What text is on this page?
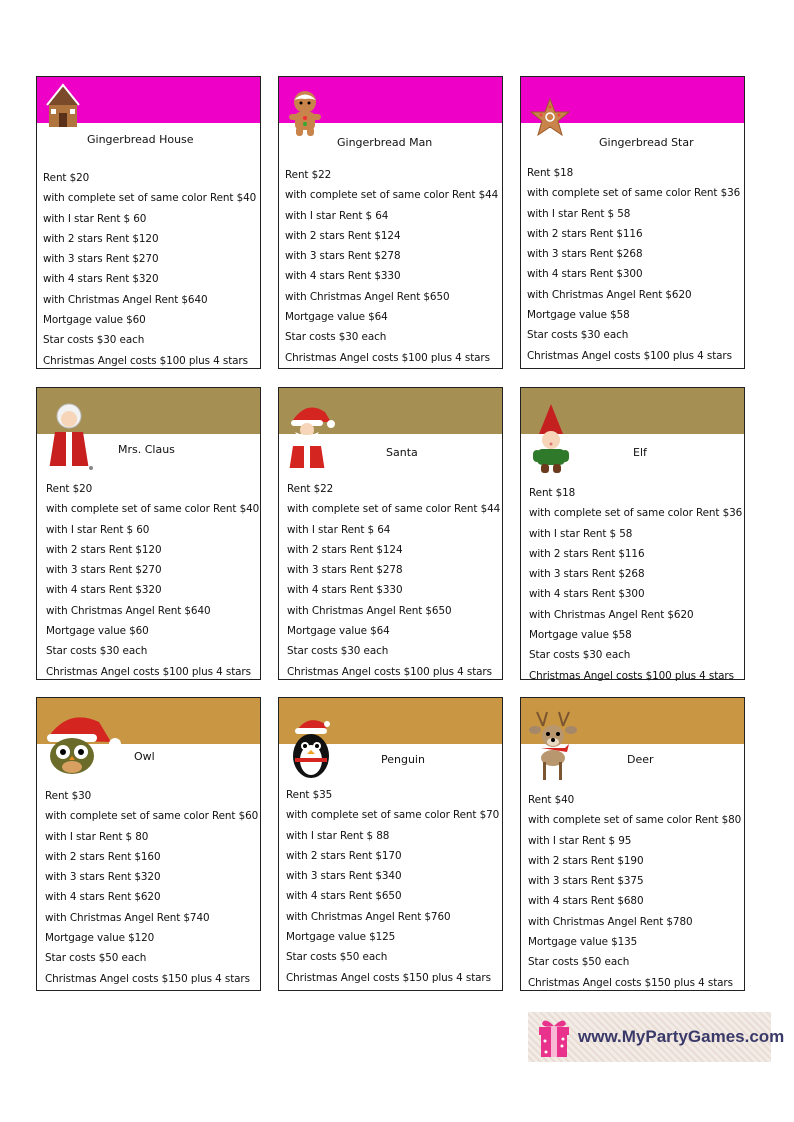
Gingerbread House
Rent $20
with complete set of same color Rent $40
with I star Rent $ 60
with 2 stars Rent $120
with 3 stars Rent $270
with 4 stars Rent $320
with Christmas Angel Rent $640
Mortgage value $60
Star costs $30 each
Christmas Angel costs $100 plus 4 stars
Gingerbread Man
Rent $22
with complete set of same color Rent $44
with I star Rent $ 64
with 2 stars Rent $124
with 3 stars Rent $278
with 4 stars Rent $330
with Christmas Angel Rent $650
Mortgage value $64
Star costs $30 each
Christmas Angel costs $100 plus 4 stars
Gingerbread Star
Rent $18
with complete set of same color Rent $36
with I star Rent $ 58
with 2 stars Rent $116
with 3 stars Rent $268
with 4 stars Rent $300
with Christmas Angel Rent $620
Mortgage value $58
Star costs $30 each
Christmas Angel costs $100 plus 4 stars
Mrs. Claus
Rent $20
with complete set of same color Rent $40
with I star Rent $ 60
with 2 stars Rent $120
with 3 stars Rent $270
with 4 stars Rent $320
with Christmas Angel Rent $640
Mortgage value $60
Star costs $30 each
Christmas Angel costs $100 plus 4 stars
Santa
Rent $22
with complete set of same color Rent $44
with I star Rent $ 64
with 2 stars Rent $124
with 3 stars Rent $278
with 4 stars Rent $330
with Christmas Angel Rent $650
Mortgage value $64
Star costs $30 each
Christmas Angel costs $100 plus 4 stars
Elf
Rent $18
with complete set of same color Rent $36
with I star Rent $ 58
with 2 stars Rent $116
with 3 stars Rent $268
with 4 stars Rent $300
with Christmas Angel Rent $620
Mortgage value $58
Star costs $30 each
Christmas Angel costs $100 plus 4 stars
Owl
Rent $30
with complete set of same color Rent $60
with I star Rent $ 80
with 2 stars Rent $160
with 3 stars Rent $320
with 4 stars Rent $620
with Christmas Angel Rent $740
Mortgage value $120
Star costs $50 each
Christmas Angel costs $150 plus 4 stars
Penguin
Rent $35
with complete set of same color Rent $70
with I star Rent $ 88
with 2 stars Rent $170
with 3 stars Rent $340
with 4 stars Rent $650
with Christmas Angel Rent $760
Mortgage value $125
Star costs $50 each
Christmas Angel costs $150 plus 4 stars
Deer
Rent $40
with complete set of same color Rent $80
with I star Rent $ 95
with 2 stars Rent $190
with 3 stars Rent $375
with 4 stars Rent $680
with Christmas Angel Rent $780
Mortgage value $135
Star costs $50 each
Christmas Angel costs $150 plus 4 stars
www.MyPartyGames.com
